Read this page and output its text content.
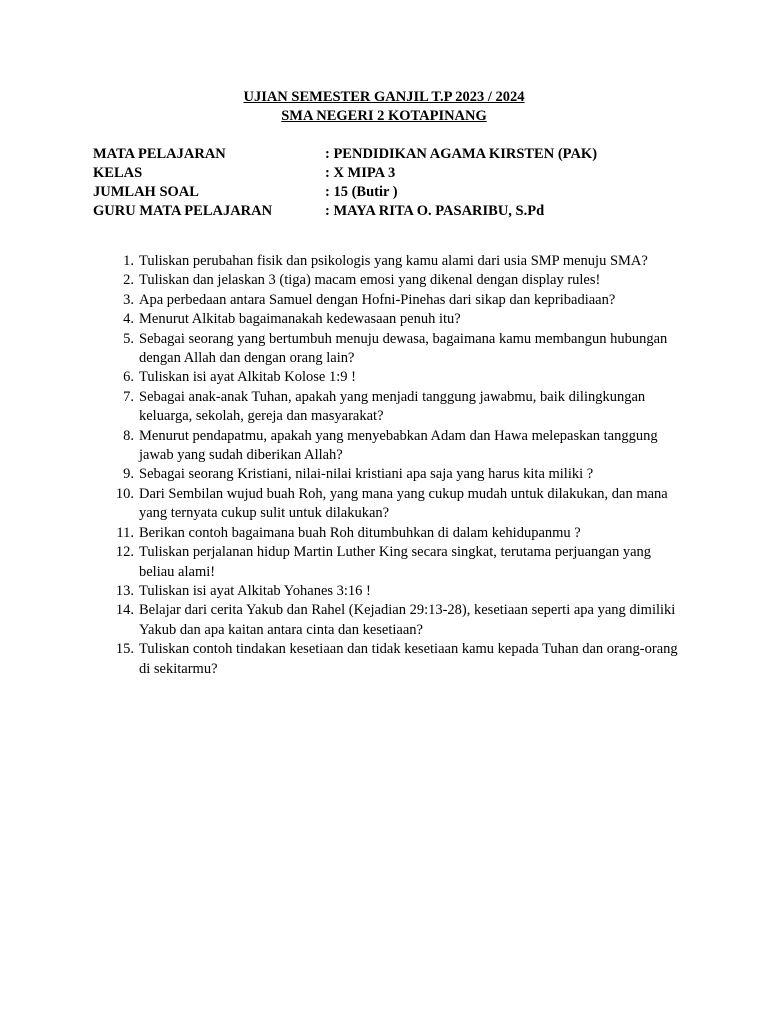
UJIAN SEMESTER GANJIL T.P 2023 / 2024
SMA NEGERI 2 KOTAPINANG
MATA PELAJARAN	: PENDIDIKAN AGAMA KIRSTEN (PAK)
KELAS	: X MIPA 3
JUMLAH SOAL	: 15 (Butir )
GURU MATA PELAJARAN	: MAYA RITA O. PASARIBU, S.Pd
1. Tuliskan perubahan fisik dan psikologis yang kamu alami dari usia SMP menuju SMA?
2. Tuliskan dan jelaskan 3 (tiga) macam emosi yang dikenal dengan display rules!
3. Apa perbedaan antara Samuel dengan Hofni-Pinehas dari sikap dan kepribadiaan?
4. Menurut Alkitab bagaimanakah kedewasaan penuh itu?
5. Sebagai seorang yang bertumbuh menuju dewasa, bagaimana kamu membangun hubungan dengan Allah dan dengan orang lain?
6. Tuliskan isi ayat Alkitab Kolose 1:9 !
7. Sebagai anak-anak Tuhan, apakah yang menjadi tanggung jawabmu, baik dilingkungan keluarga, sekolah, gereja dan masyarakat?
8. Menurut pendapatmu, apakah yang menyebabkan Adam dan Hawa melepaskan tanggung jawab yang sudah diberikan Allah?
9. Sebagai seorang Kristiani, nilai-nilai kristiani apa saja yang harus kita miliki ?
10. Dari Sembilan wujud buah Roh, yang mana yang cukup mudah untuk dilakukan, dan mana yang ternyata cukup sulit untuk dilakukan?
11. Berikan contoh bagaimana buah Roh ditumbuhkan di dalam kehidupanmu ?
12. Tuliskan perjalanan hidup Martin Luther King secara singkat, terutama perjuangan yang beliau alami!
13. Tuliskan isi ayat Alkitab Yohanes 3:16 !
14. Belajar dari cerita Yakub dan Rahel (Kejadian 29:13-28), kesetiaan seperti apa yang dimiliki Yakub dan apa kaitan antara cinta dan kesetiaan?
15. Tuliskan contoh tindakan kesetiaan dan tidak kesetiaan kamu kepada Tuhan dan orang-orang di sekitarmu?
